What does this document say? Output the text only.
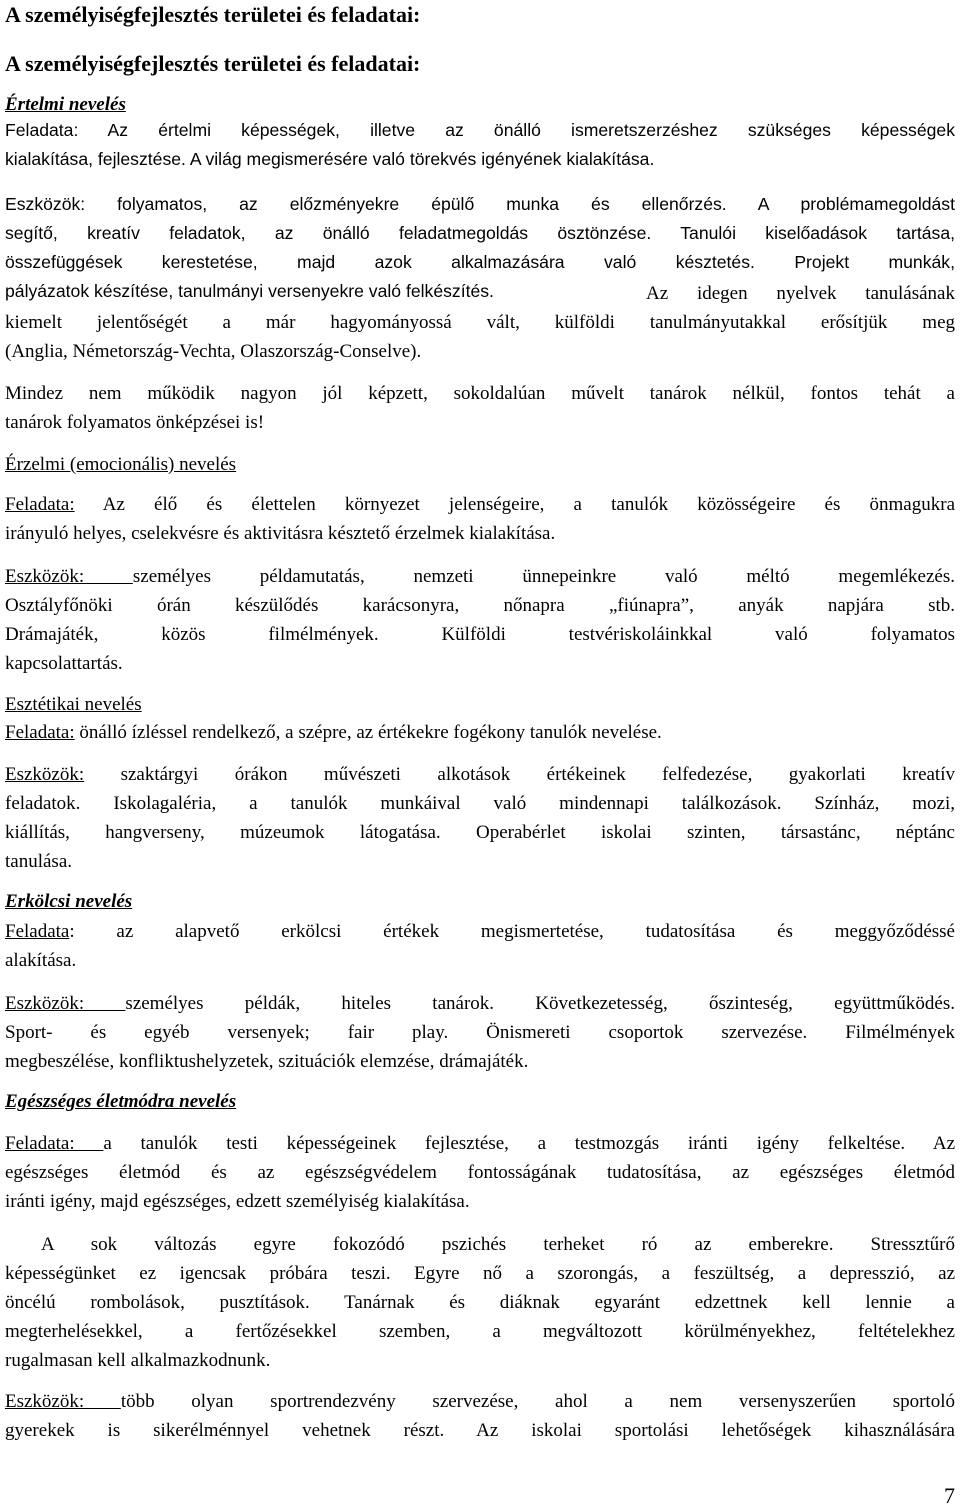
A személyiségfejlesztés területei és feladatai:
A személyiségfejlesztés területei és feladatai:
Értelmi nevelés
Feladata: Az értelmi képességek, illetve az önálló ismeretszerzéshez szükséges képességek
kialakítása, fejlesztése. A világ megismerésére való törekvés igényének kialakítása.
Eszközök: folyamatos, az előzményekre épülő munka és ellenőrzés. A problémamegoldást
segítő, kreatív feladatok, az önálló feladatmegoldás ösztönzése. Tanulói kiselőadások tartása,
összefüggések kerestetése, majd azok alkalmazására való késztetés. Projekt munkák,
pályázatok készítése, tanulmányi versenyekre való felkészítés.	Az idegen nyelvek tanulásának
kiemelt jelentőségét a már hagyományossá vált, külföldi tanulmányutakkal erősítjük meg
(Anglia, Németország-Vechta, Olaszország-Conselve).
Mindez nem működik nagyon jól képzett, sokoldalúan művelt tanárok nélkül, fontos tehát a
tanárok folyamatos önképzései is!
Érzelmi (emocionális) nevelés
Feladata: Az élő és élettelen környezet jelenségeire, a tanulók közösségeire és önmagukra
irányuló helyes, cselekvésre és aktivitásra késztető érzelmek kialakítása.
Eszközök: személyes példamutatás, nemzeti ünnepeinkre való méltó megemlékezés.
Osztályfőnöki órán készülődés karácsonyra, nőnapra „fiúnapra”, anyák napjára stb.
Drámajáték, közös filmélmények. Külföldi testvériskoláinkkal való folyamatos
kapcsolattartás.
Esztétikai nevelés
Feladata: önálló ízléssel rendelkező, a szépre, az értékekre fogékony tanulók nevelése.
Eszközök: szaktárgyi órákon művészeti alkotások értékeinek felfedezése, gyakorlati kreatív
feladatok. Iskolagaléria, a tanulók munkáival való mindennapi találkozások. Színház, mozi,
kiállítás, hangverseny, múzeumok látogatása. Operabérlet iskolai szinten, társastánc, néptánc
tanulása.
Erkölcsi nevelés
Feladata: az alapvető erkölcsi értékek megismertetése, tudatosítása és meggyőződéssé
alakítása.
Eszközök: személyes példák, hiteles tanárok. Következetesség, őszinteség, együttműködés.
Sport- és egyéb versenyek; fair play. Önismereti csoportok szervezése. Filmélmények
megbeszélése, konfliktushelyzetek, szituációk elemzése, drámajáték.
Egészséges életmódra nevelés
Feladata: a tanulók testi képességeinek fejlesztése, a testmozgás iránti igény felkeltése. Az
egészséges életmód és az egészségvédelem fontosságának tudatosítása, az egészséges életmód
iránti igény, majd egészséges, edzett személyiség kialakítása.
A sok változás egyre fokozódó pszichés terheket ró az emberekre. Stressztűrő
képességünket ez igencsak próbára teszi. Egyre nő a szorongás, a feszültség, a depresszió, az
öncélú rombolások, pusztítások. Tanárnak és diáknak egyaránt edzettnek kell lennie a
megterhelésekkel, a fertőzésekkel szemben, a megváltozott körülményekhez, feltételekhez
rugalmasan kell alkalmazkodnunk.
Eszközök: több olyan sportrendezvény szervezése, ahol a nem versenyszerűen sportoló
gyerekek is sikerélménnyel vehetnek részt. Az iskolai sportolási lehetőségek kihasználására
7
